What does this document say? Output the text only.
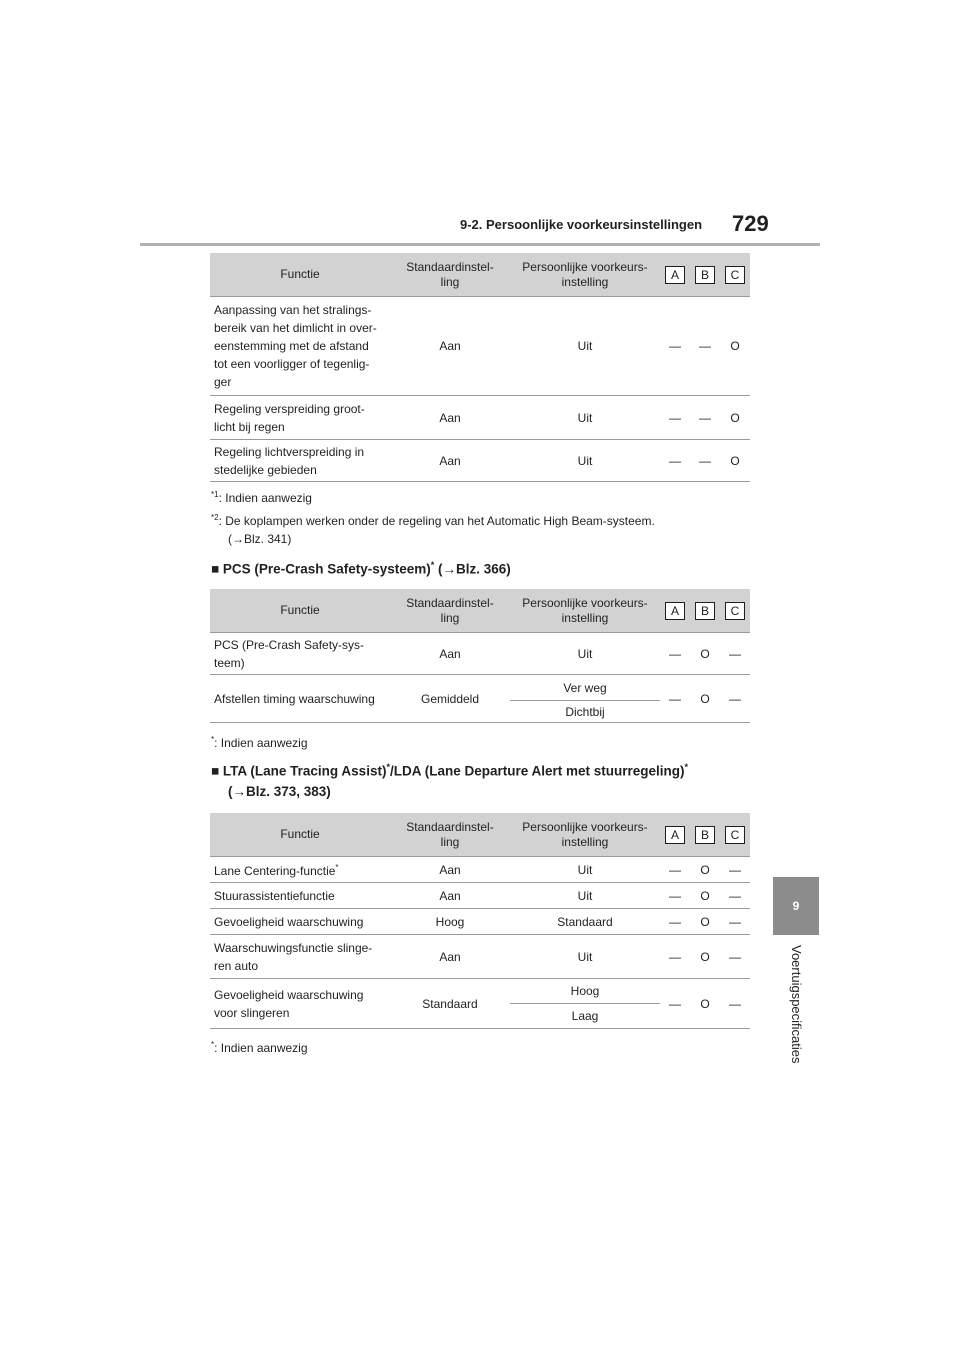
9-2. Persoonlijke voorkeursinstellingen 729
9
Voertuigspecificaties
Functie	Standaardinstel-
ling	Persoonlijke voorkeurs-
instelling	A	B	C
Aanpassing van het stralings-
bereik van het dimlicht in over-
eenstemming met de afstand
tot een voorligger of tegenlig-
ger	Aan	Uit	—	—	O
Regeling verspreiding groot-
licht bij regen	Aan	Uit	—	—	O
Regeling lichtverspreiding in
stedelijke gebieden	Aan	Uit	—	—	O
$^{*1}$: Indien aanwezig
$^{*2}$: De koplampen werken onder de regeling van het Automatic High Beam-systeem.
(→Blz. 341)
■ PCS (Pre-Crash Safety-systeem)* (→Blz. 366)
Functie	Standaardinstel-
ling	Persoonlijke voorkeurs-
instelling	A	B	C
PCS (Pre-Crash Safety-sys-
teem)	Aan	Uit	—	O	—
Afstellen timing waarschuwing	Gemiddeld	Ver weg	—	O	—
		Dichtbij			
*: Indien aanwezig
■ LTA (Lane Tracing Assist)*/LDA (Lane Departure Alert met stuurregeling)*
(→Blz. 373, 383)
Functie	Standaardinstel-
ling	Persoonlijke voorkeurs-
instelling	A	B	C
Lane Centering-functie*	Aan	Uit	—	O	—
Stuurassistentiefunctie	Aan	Uit	—	O	—
Gevoeligheid waarschuwing	Hoog	Standaard	—	O	—
Waarschuwingsfunctie slinge-
ren auto	Aan	Uit	—	O	—
Gevoeligheid waarschuwing
voor slingeren	Standaard	Hoog	—	O	—
		Laag			
*: Indien aanwezig
